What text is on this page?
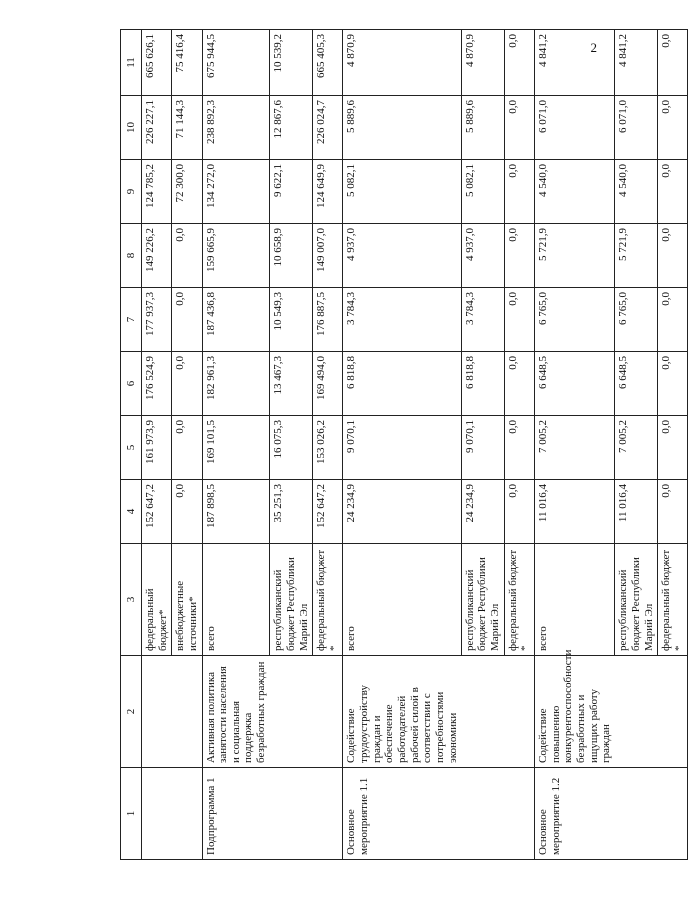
2
1	2	3	4	5	6	7	8	9	10	11
		федеральный бюджет*	152 647,2	161 973,9	176 524,9	177 937,3	149 226,2	124 785,2	226 227,1	665 626,1
		внебюджетные источники*	0,0	0,0	0,0	0,0	0,0	72 300,0	71 144,3	75 416,4
Подпрограмма 1	Активная политика занятости населения и социальная поддержка безработных граждан	всего	187 898,5	169 101,5	182 961,3	187 436,8	159 665,9	134 272,0	238 892,3	675 944,5
		республиканский бюджет Республики Марий Эл	35 251,3	16 075,3	13 467,3	10 549,3	10 658,9	9 622,1	12 867,6	10 539,2
		федеральный бюджет *	152 647,2	153 026,2	169 494,0	176 887,5	149 007,0	124 649,9	226 024,7	665 405,3
Основное мероприятие 1.1	Содействие трудоустройству граждан и обеспечение работодателей рабочей силой в соответствии с потребностями экономики	всего	24 234,9	9 070,1	6 818,8	3 784,3	4 937,0	5 082,1	5 889,6	4 870,9
		республиканский бюджет Республики Марий Эл	24 234,9	9 070,1	6 818,8	3 784,3	4 937,0	5 082,1	5 889,6	4 870,9
		федеральный бюджет *	0,0	0,0	0,0	0,0	0,0	0,0	0,0	0,0
Основное мероприятие 1.2	Содействие повышению конкурентоспособности безработных и ищущих работу граждан	всего	11 016,4	7 005,2	6 648,5	6 765,0	5 721,9	4 540,0	6 071,0	4 841,2
		республиканский бюджет Республики Марий Эл	11 016,4	7 005,2	6 648,5	6 765,0	5 721,9	4 540,0	6 071,0	4 841,2
		федеральный бюджет *	0,0	0,0	0,0	0,0	0,0	0,0	0,0	0,0
